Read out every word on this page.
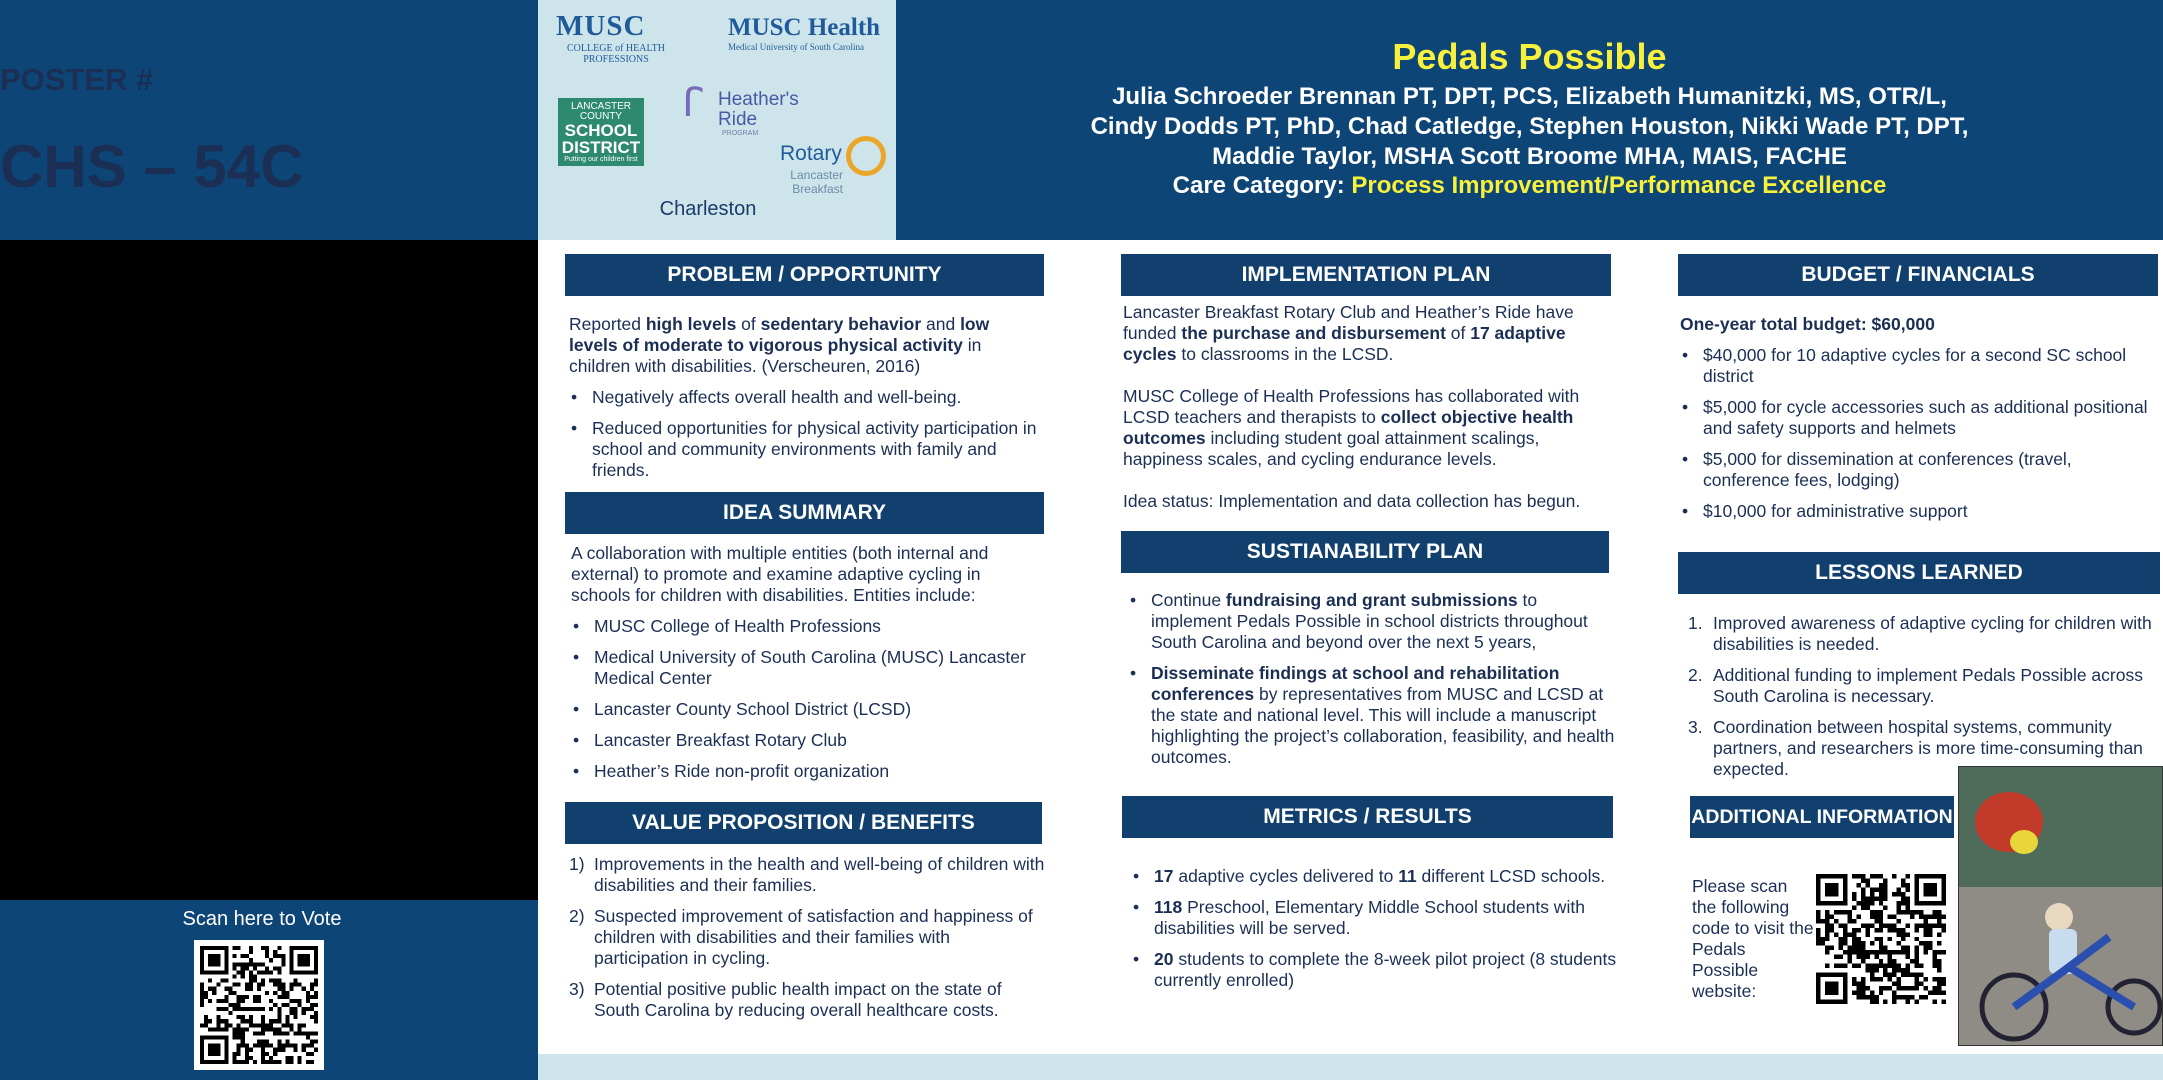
POSTER #
CHS – 54C
Scan here to Vote
MUSC
COLLEGE of HEALTH PROFESSIONS
MUSC Health
Medical University of South Carolina
LANCASTER COUNTY
SCHOOL DISTRICT
Putting our children first
ꓩ Heather's Ride
PROGRAM
Rotary
Lancaster Breakfast
Charleston
Pedals Possible
Julia Schroeder Brennan PT, DPT, PCS, Elizabeth Humanitzki, MS, OTR/L,
Cindy Dodds PT, PhD, Chad Catledge, Stephen Houston, Nikki Wade PT, DPT,
Maddie Taylor, MSHA Scott Broome MHA, MAIS, FACHE
Care Category: Process Improvement/Performance Excellence
PROBLEM / OPPORTUNITY

Reported high levels of sedentary behavior and low levels of moderate to vigorous physical activity in children with disabilities. (Verscheuren, 2016)

• Negatively affects overall health and well-being.
• Reduced opportunities for physical activity participation in school and community environments with family and friends.
IDEA SUMMARY

A collaboration with multiple entities (both internal and external) to promote and examine adaptive cycling in schools for children with disabilities. Entities include:

• MUSC College of Health Professions
• Medical University of South Carolina (MUSC) Lancaster Medical Center
• Lancaster County School District (LCSD)
• Lancaster Breakfast Rotary Club
• Heather’s Ride non-profit organization
VALUE PROPOSITION / BENEFITS
1) Improvements in the health and well-being of children with disabilities and their families.
2) Suspected improvement of satisfaction and happiness of children with disabilities and their families with participation in cycling.
3) Potential positive public health impact on the state of South Carolina by reducing overall healthcare costs.
IMPLEMENTATION PLAN

Lancaster Breakfast Rotary Club and Heather’s Ride have funded the purchase and disbursement of 17 adaptive cycles to classrooms in the LCSD.

MUSC College of Health Professions has collaborated with LCSD teachers and therapists to collect objective health outcomes including student goal attainment scalings, happiness scales, and cycling endurance levels.

Idea status: Implementation and data collection has begun.

SUSTIANABILITY PLAN
• Continue fundraising and grant submissions to implement Pedals Possible in school districts throughout South Carolina and beyond over the next 5 years,
• Disseminate findings at school and rehabilitation conferences by representatives from MUSC and LCSD at the state and national level. This will include a manuscript highlighting the project’s collaboration, feasibility, and health outcomes.
METRICS / RESULTS
• 17 adaptive cycles delivered to 11 different LCSD schools.
• 118 Preschool, Elementary Middle School students with disabilities will be served.
• 20 students to complete the 8-week pilot project (8 students currently enrolled)
BUDGET / FINANCIALS

One-year total budget: $60,000

• $40,000 for 10 adaptive cycles for a second SC school district
• $5,000 for cycle accessories such as additional positional and safety supports and helmets
• $5,000 for dissemination at conferences (travel, conference fees, lodging)
• $10,000 for administrative support
LESSONS LEARNED
1. Improved awareness of adaptive cycling for children with disabilities is needed.
2. Additional funding to implement Pedals Possible across South Carolina is necessary.
3. Coordination between hospital systems, community partners, and researchers is more time-consuming than expected.
ADDITIONAL INFORMATION
Please scan the following code to visit the Pedals Possible website:
